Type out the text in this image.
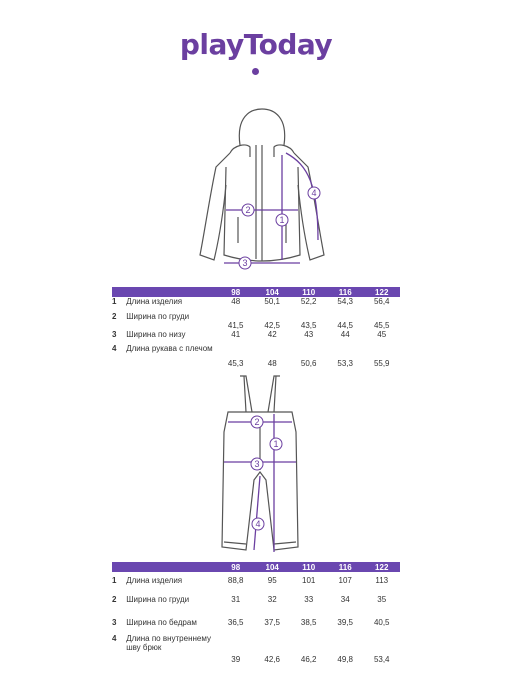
playToday
1
2
3
4
		98	104	110	116	122
1	Длина изделия	48	50,1	52,2	54,3	56,4
2	Ширина по груди	41,5	42,5	43,5	44,5	45,5
3	Ширина по низу	41	42	43	44	45
4	Длина рукава с плечом	45,3	48	50,6	53,3	55,9
1
2
3
4
		98	104	110	116	122
1	Длина изделия	88,8	95	101	107	113
2	Ширина по груди	31	32	33	34	35
3	Ширина по бедрам	36,5	37,5	38,5	39,5	40,5
4	Длина по внутреннему шву брюк	39	42,6	46,2	49,8	53,4
